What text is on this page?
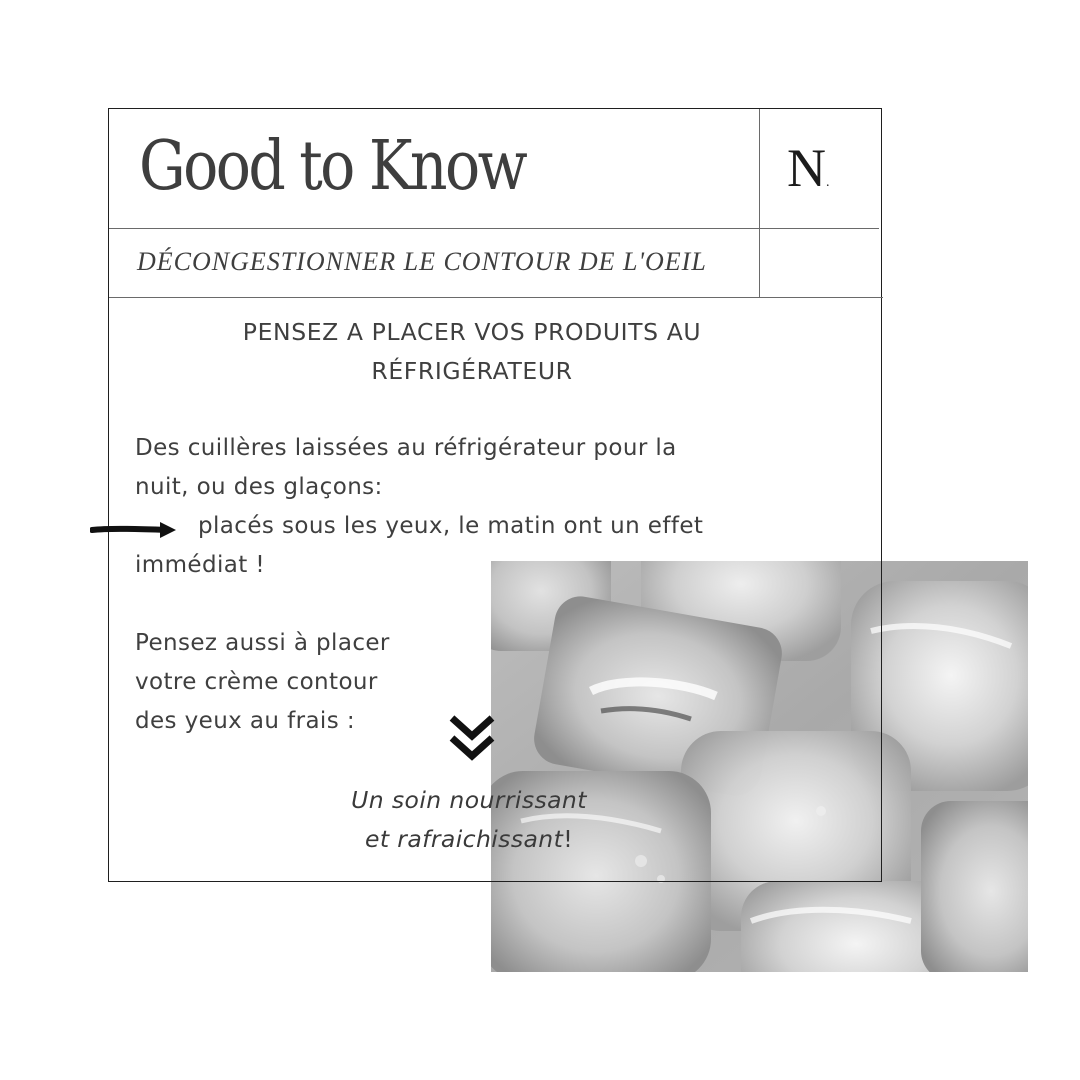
Good to Know	N.
DÉCONGESTIONNER LE CONTOUR DE L'OEIL
PENSEZ A PLACER VOS PRODUITS AU
RÉFRIGÉRATEUR
Des cuillères laissées au réfrigérateur pour la
nuit, ou des glaçons:
placés sous les yeux, le matin ont un effet
immédiat !
Pensez aussi à placer
votre crème contour
des yeux au frais :
Un soin nourrissant
et rafraichissant!
